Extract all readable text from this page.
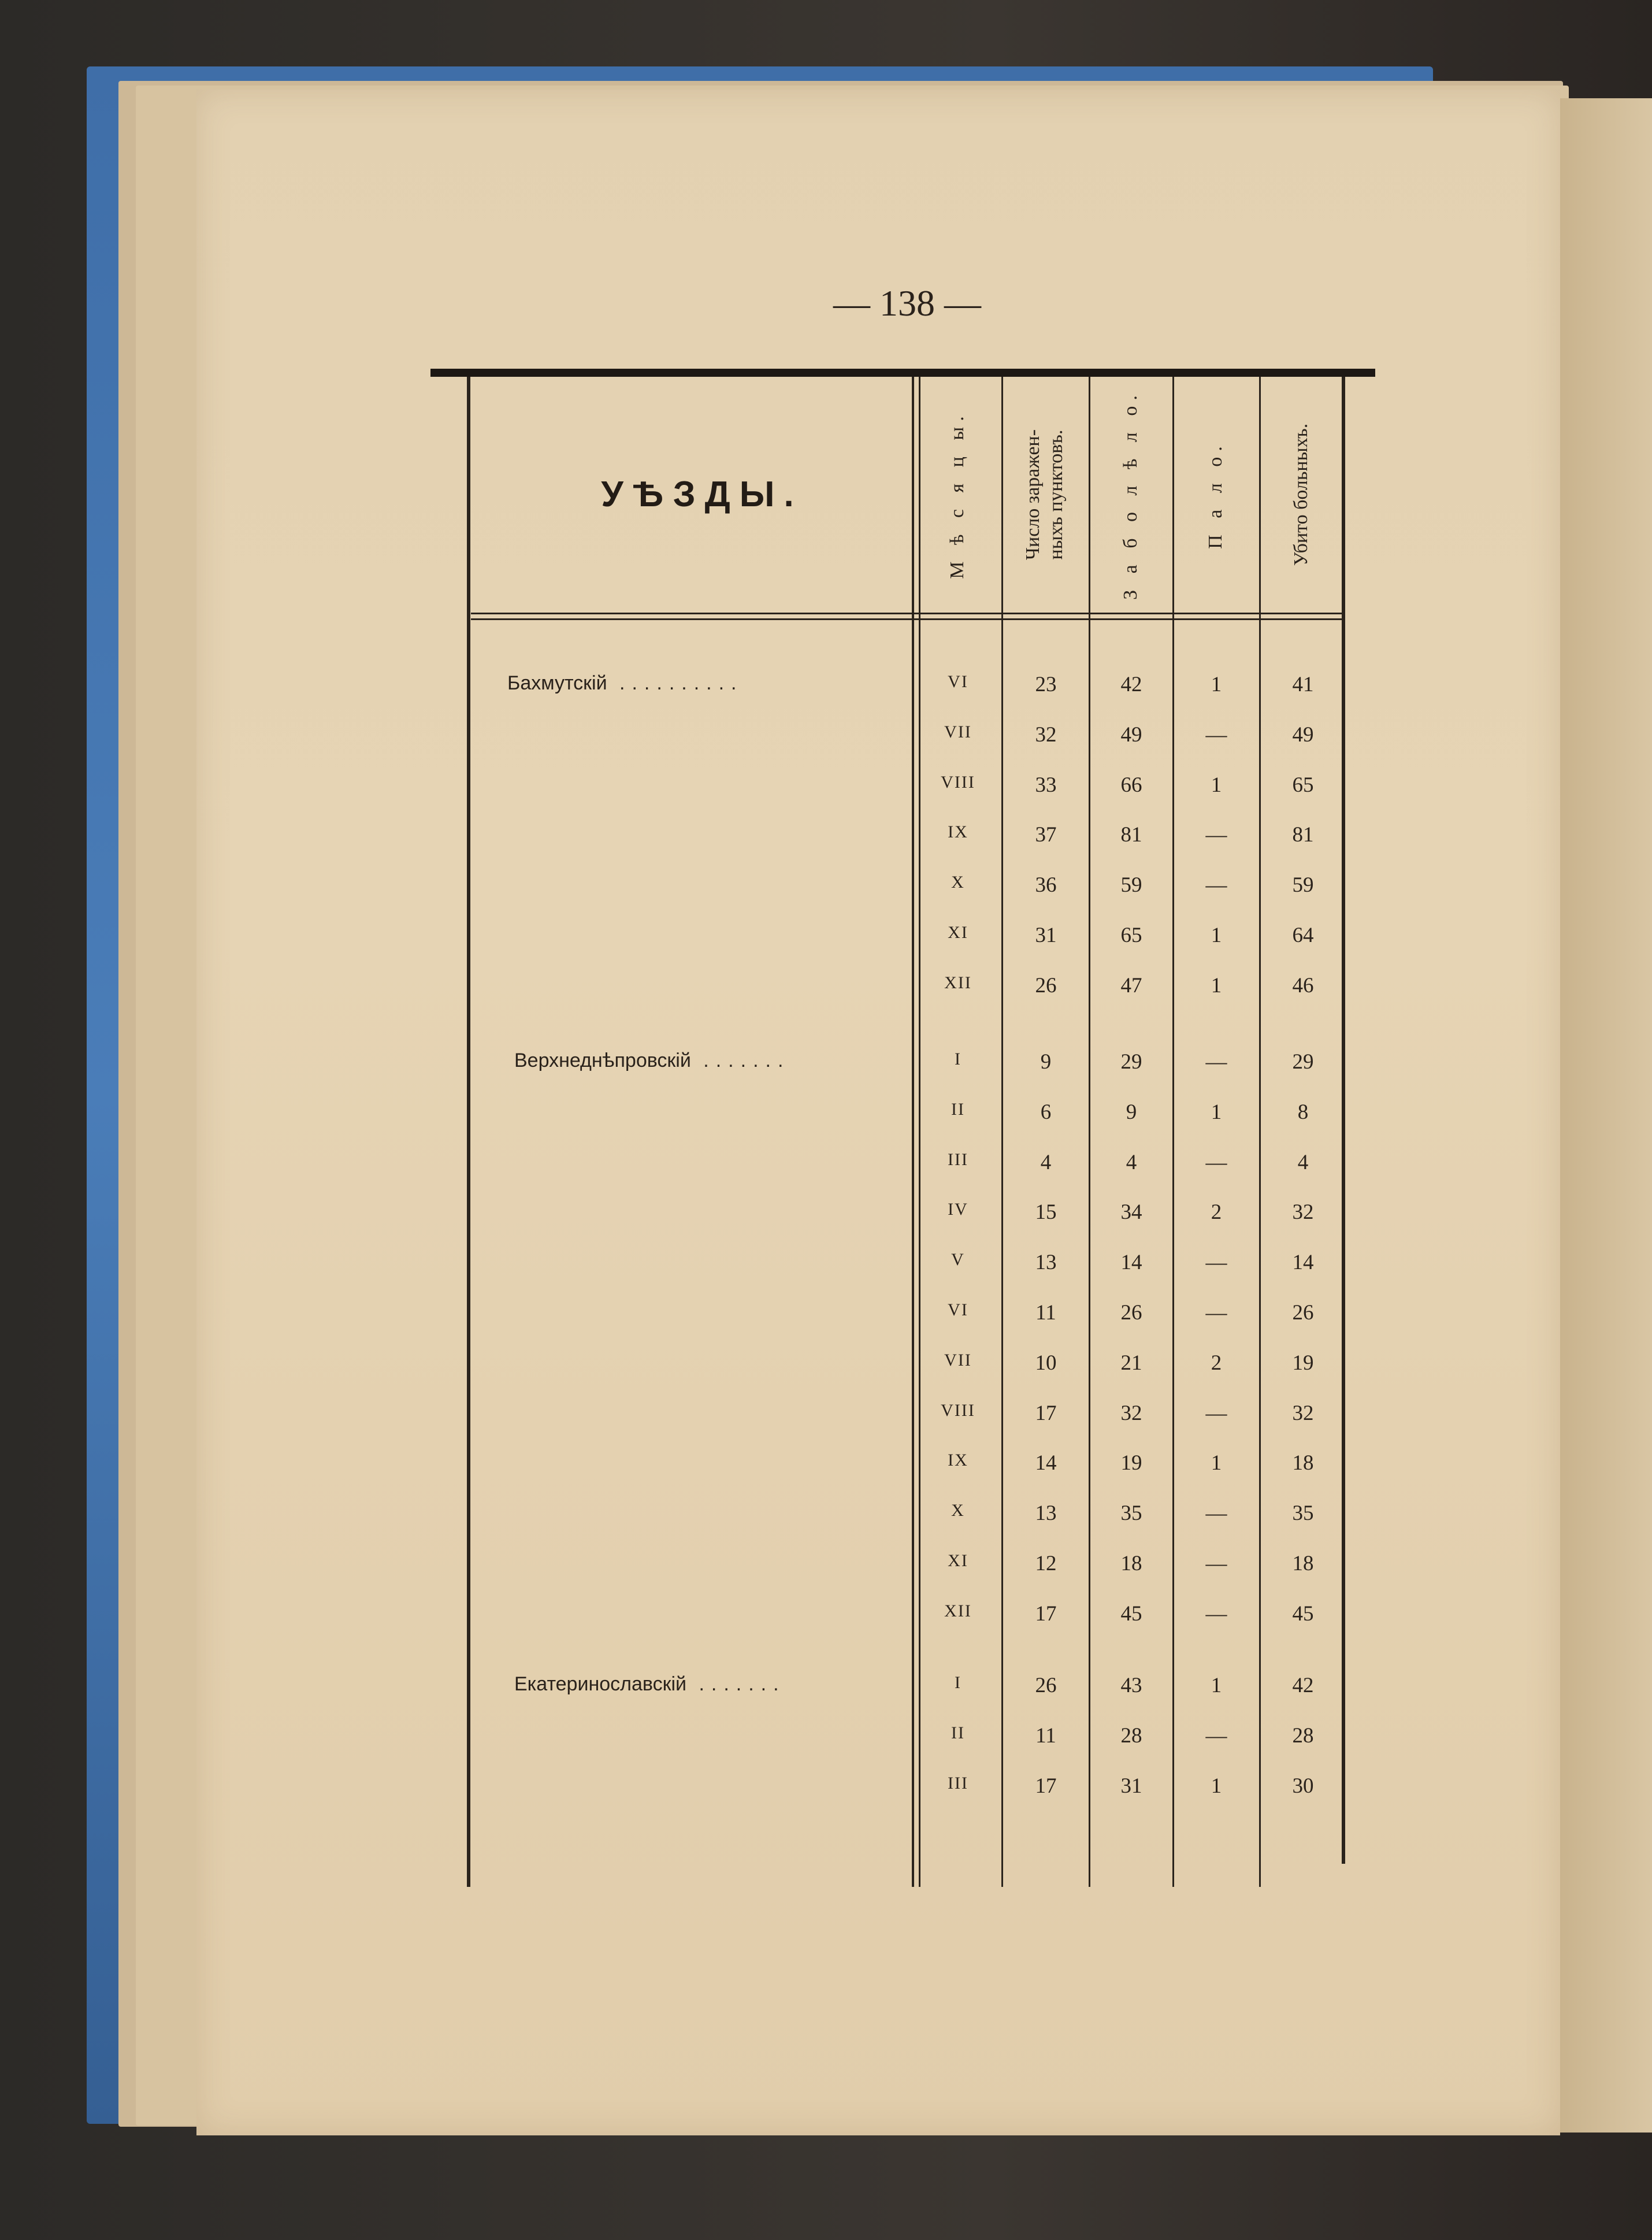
— 138 —
УѢЗДЫ.	М ѣ с я ц ы.	Число заражен- ныхъ пунктовъ.	З а б о л ѣ л о.	П а л о.	Убито больныхъ.
Бахмутскій ..........	VI	23	42	1	41
VII	32	49	—	49
VIII	33	66	1	65
IX	37	81	—	81
X	36	59	—	59
XI	31	65	1	64
XII	26	47	1	46
Верхнеднѣпровскій .......	I	9	29	—	29
II	6	9	1	8
III	4	4	—	4
IV	15	34	2	32
V	13	14	—	14
VI	11	26	—	26
VII	10	21	2	19
VIII	17	32	—	32
IX	14	19	1	18
X	13	35	—	35
XI	12	18	—	18
XII	17	45	—	45
Екатеринославскій .......	I	26	43	1	42
II	11	28	—	28
III	17	31	1	30
